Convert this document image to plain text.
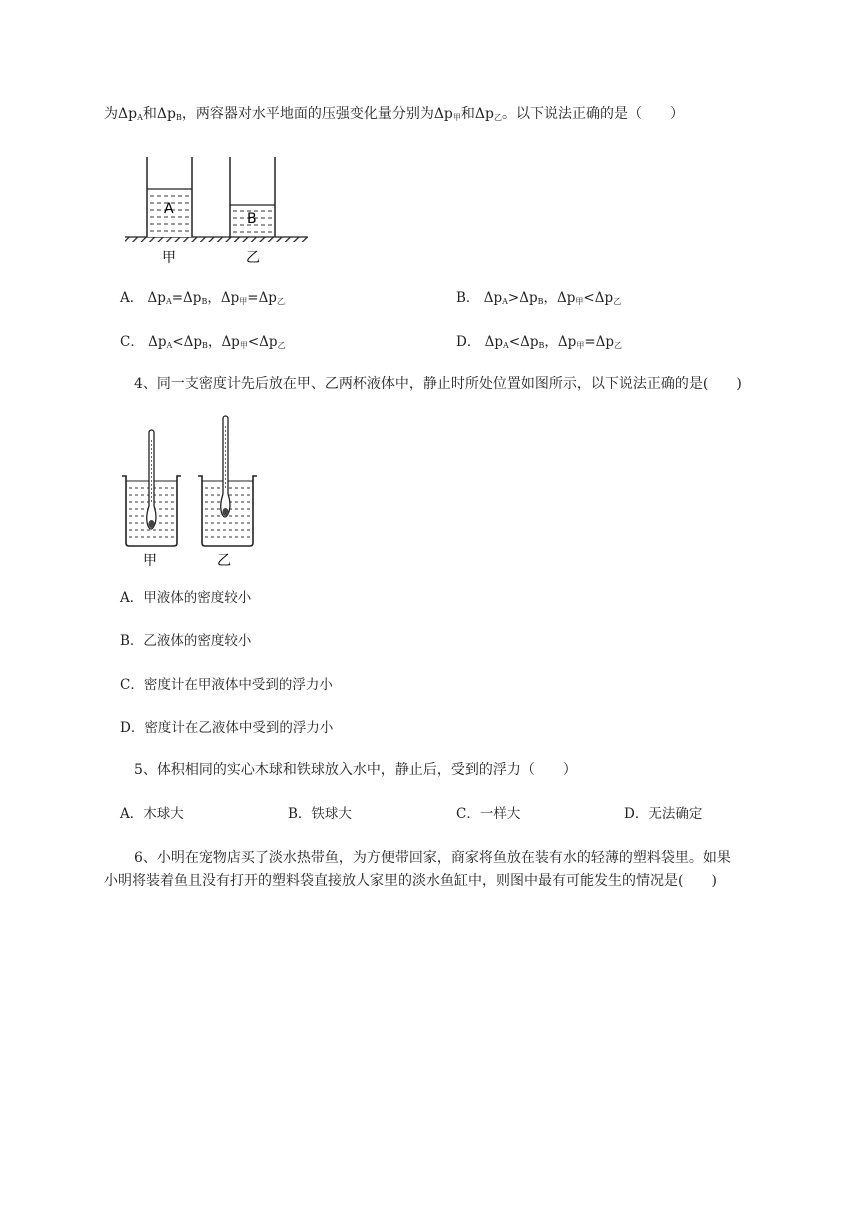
为$\Delta p_A$和$\Delta p_B$，两容器对水平地面的压强变化量分别为$\Delta p_甲$和$\Delta p_乙$。以下说法正确的是（　　）
A
B
甲	乙
A． $\Delta p_A=\Delta p_B$，$\Delta p_甲=\Delta p_乙$	B． $\Delta p_A>\Delta p_B$，$\Delta p_甲<\Delta p_乙$
C． $\Delta p_A<\Delta p_B$，$\Delta p_甲<\Delta p_乙$	D． $\Delta p_A<\Delta p_B$，$\Delta p_甲=\Delta p_乙$
4、同一支密度计先后放在甲、乙两杯液体中，静止时所处位置如图所示，以下说法正确的是(　　)
甲	乙
A．甲液体的密度较小
B．乙液体的密度较小
C．密度计在甲液体中受到的浮力小
D．密度计在乙液体中受到的浮力小
5、体积相同的实心木球和铁球放入水中，静止后，受到的浮力（　　）
A．木球大	B．铁球大	C．一样大	D．无法确定
6、小明在宠物店买了淡水热带鱼，为方便带回家，商家将鱼放在装有水的轻薄的塑料袋里。如果
小明将装着鱼且没有打开的塑料袋直接放人家里的淡水鱼缸中，则图中最有可能发生的情况是(　　)
